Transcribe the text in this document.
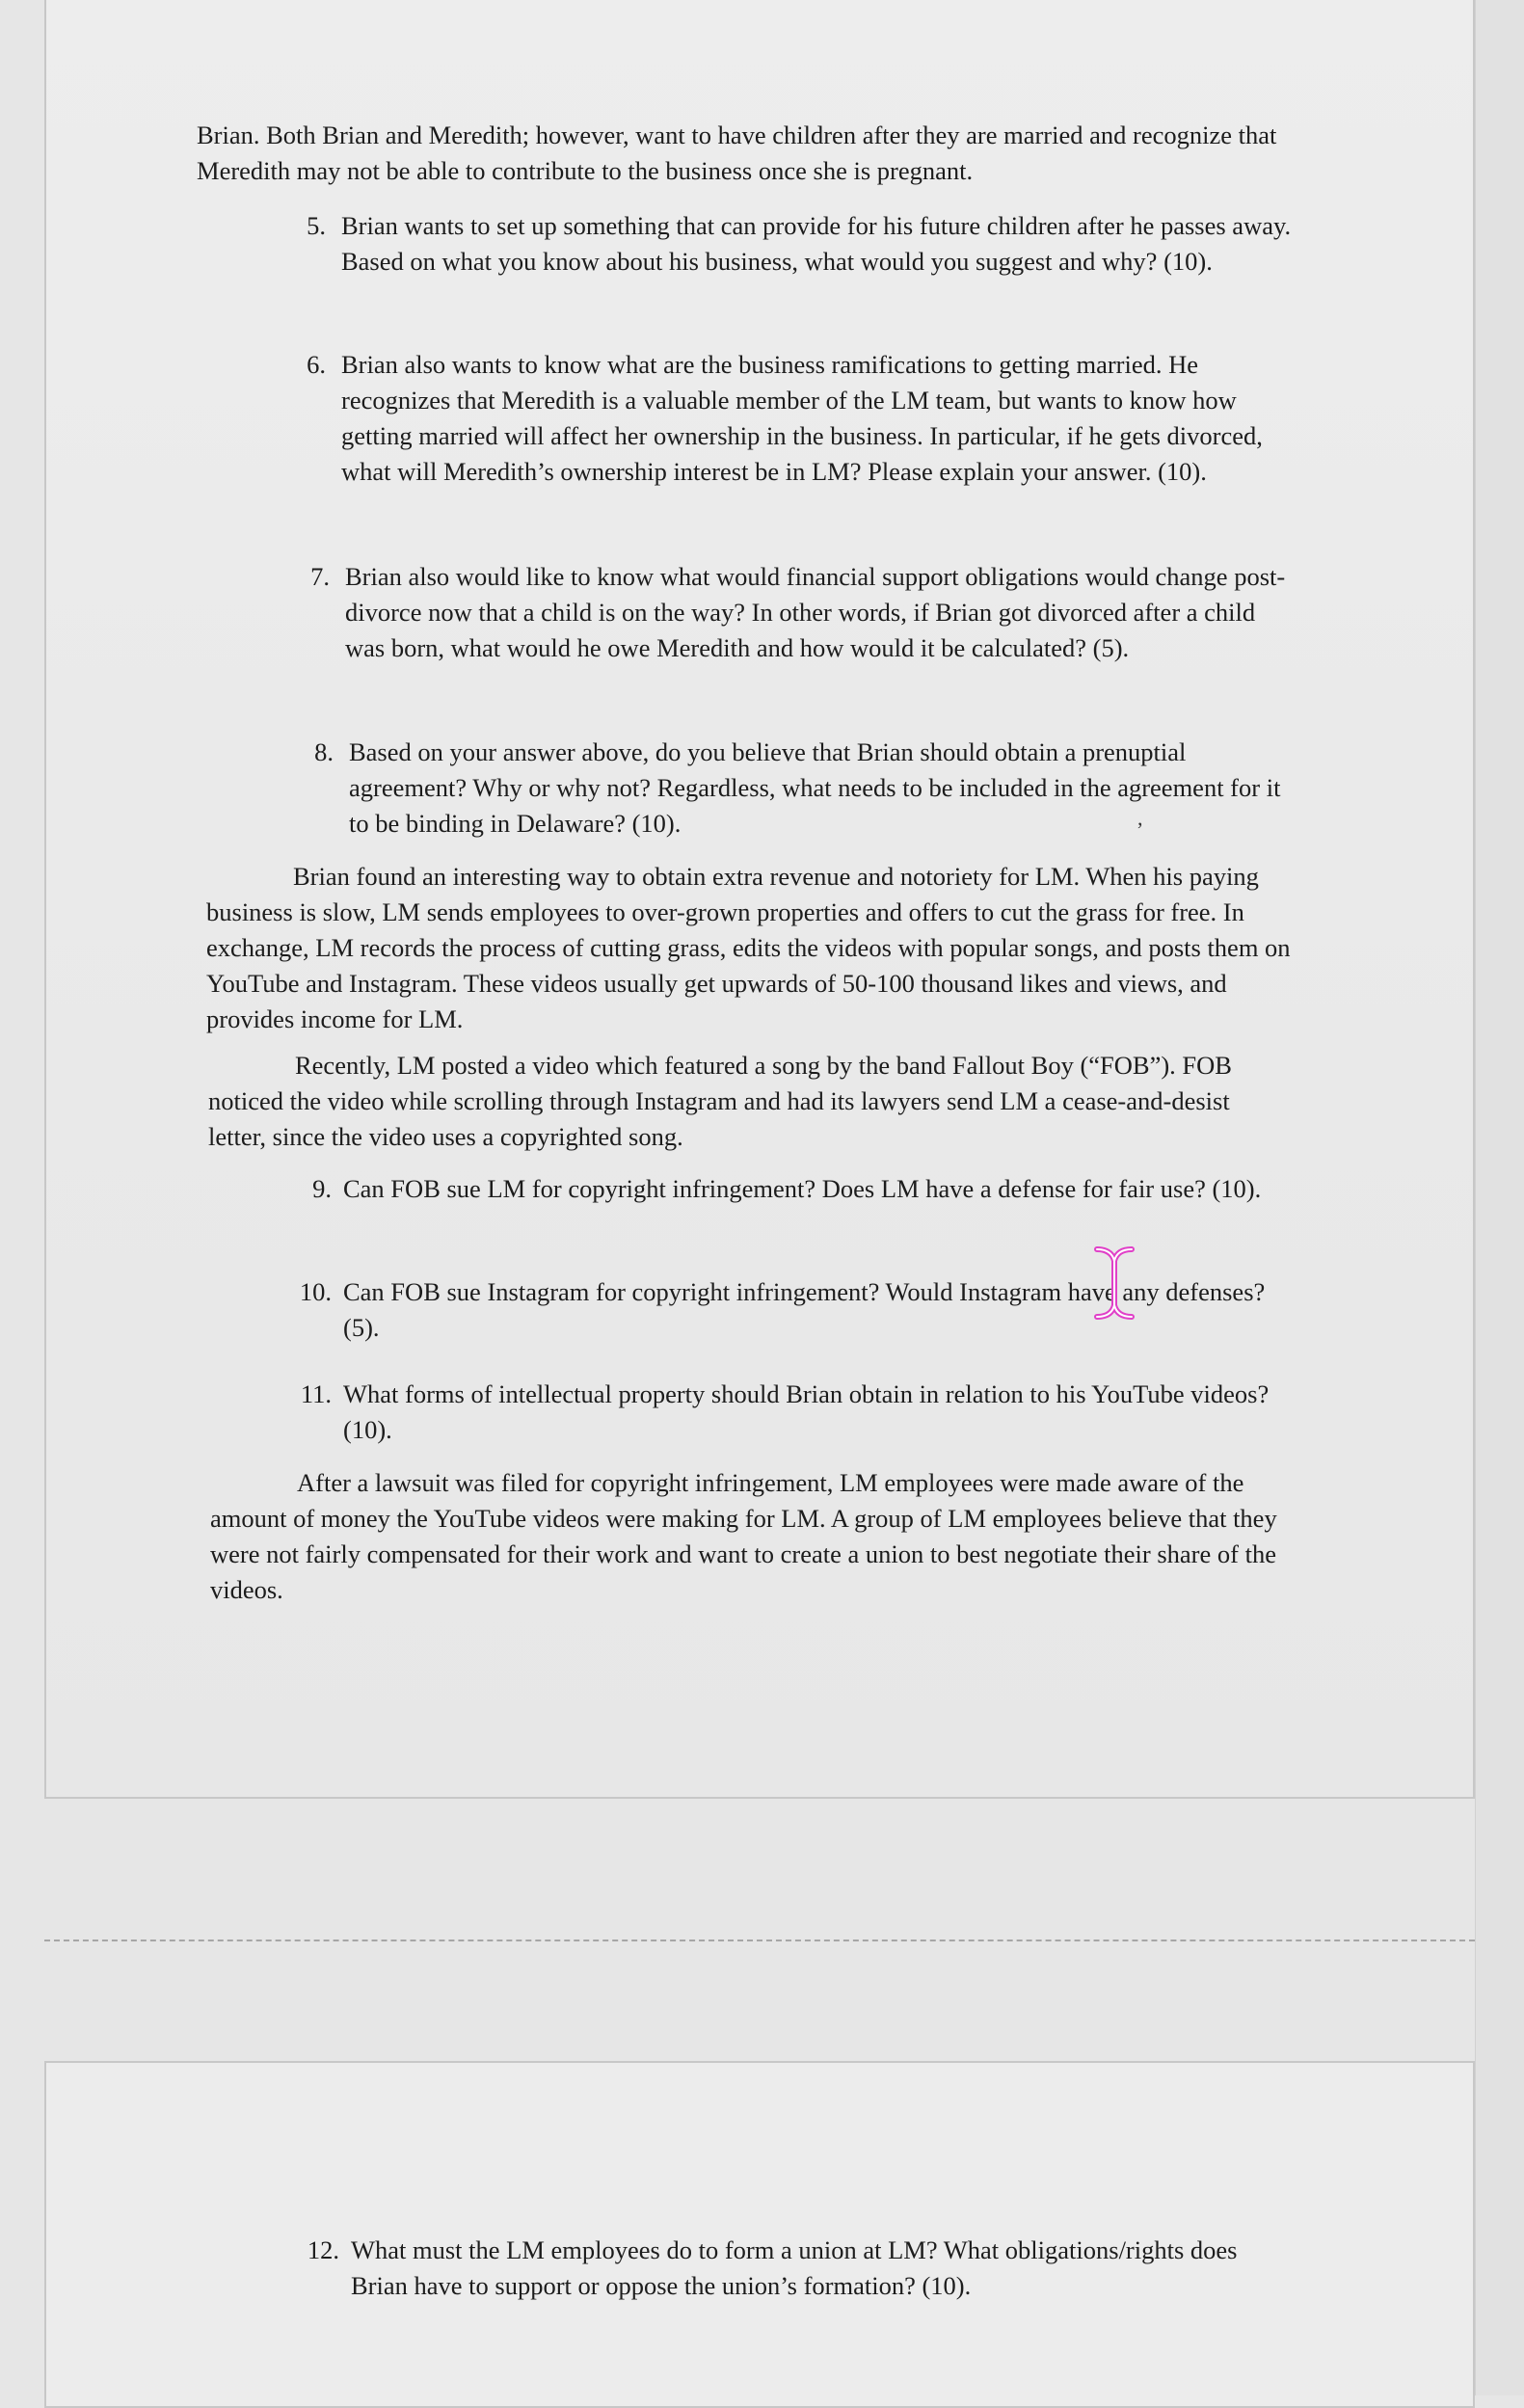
Brian. Both Brian and Meredith; however, want to have children after they are married and recognize that Meredith may not be able to contribute to the business once she is pregnant.

5. Brian wants to set up something that can provide for his future children after he passes away. Based on what you know about his business, what would you suggest and why? (10).
6. Brian also wants to know what are the business ramifications to getting married. He recognizes that Meredith is a valuable member of the LM team, but wants to know how getting married will affect her ownership in the business. In particular, if he gets divorced, what will Meredith’s ownership interest be in LM? Please explain your answer. (10).
7. Brian also would like to know what would financial support obligations would change post-divorce now that a child is on the way? In other words, if Brian got divorced after a child was born, what would he owe Meredith and how would it be calculated? (5).
8. Based on your answer above, do you believe that Brian should obtain a prenuptial agreement? Why or why not? Regardless, what needs to be included in the agreement for it to be binding in Delaware? (10).	,

Brian found an interesting way to obtain extra revenue and notoriety for LM. When his paying business is slow, LM sends employees to over-grown properties and offers to cut the grass for free. In exchange, LM records the process of cutting grass, edits the videos with popular songs, and posts them on YouTube and Instagram. These videos usually get upwards of 50-100 thousand likes and views, and provides income for LM.

Recently, LM posted a video which featured a song by the band Fallout Boy (“FOB”). FOB noticed the video while scrolling through Instagram and had its lawyers send LM a cease-and-desist letter, since the video uses a copyrighted song.

9. Can FOB sue LM for copyright infringement? Does LM have a defense for fair use? (10).
10. Can FOB sue Instagram for copyright infringement? Would Instagram have any defenses? (5).
11. What forms of intellectual property should Brian obtain in relation to his YouTube videos? (10).

After a lawsuit was filed for copyright infringement, LM employees were made aware of the amount of money the YouTube videos were making for LM. A group of LM employees believe that they were not fairly compensated for their work and want to create a union to best negotiate their share of the videos.

12. What must the LM employees do to form a union at LM? What obligations/rights does Brian have to support or oppose the union’s formation? (10).
